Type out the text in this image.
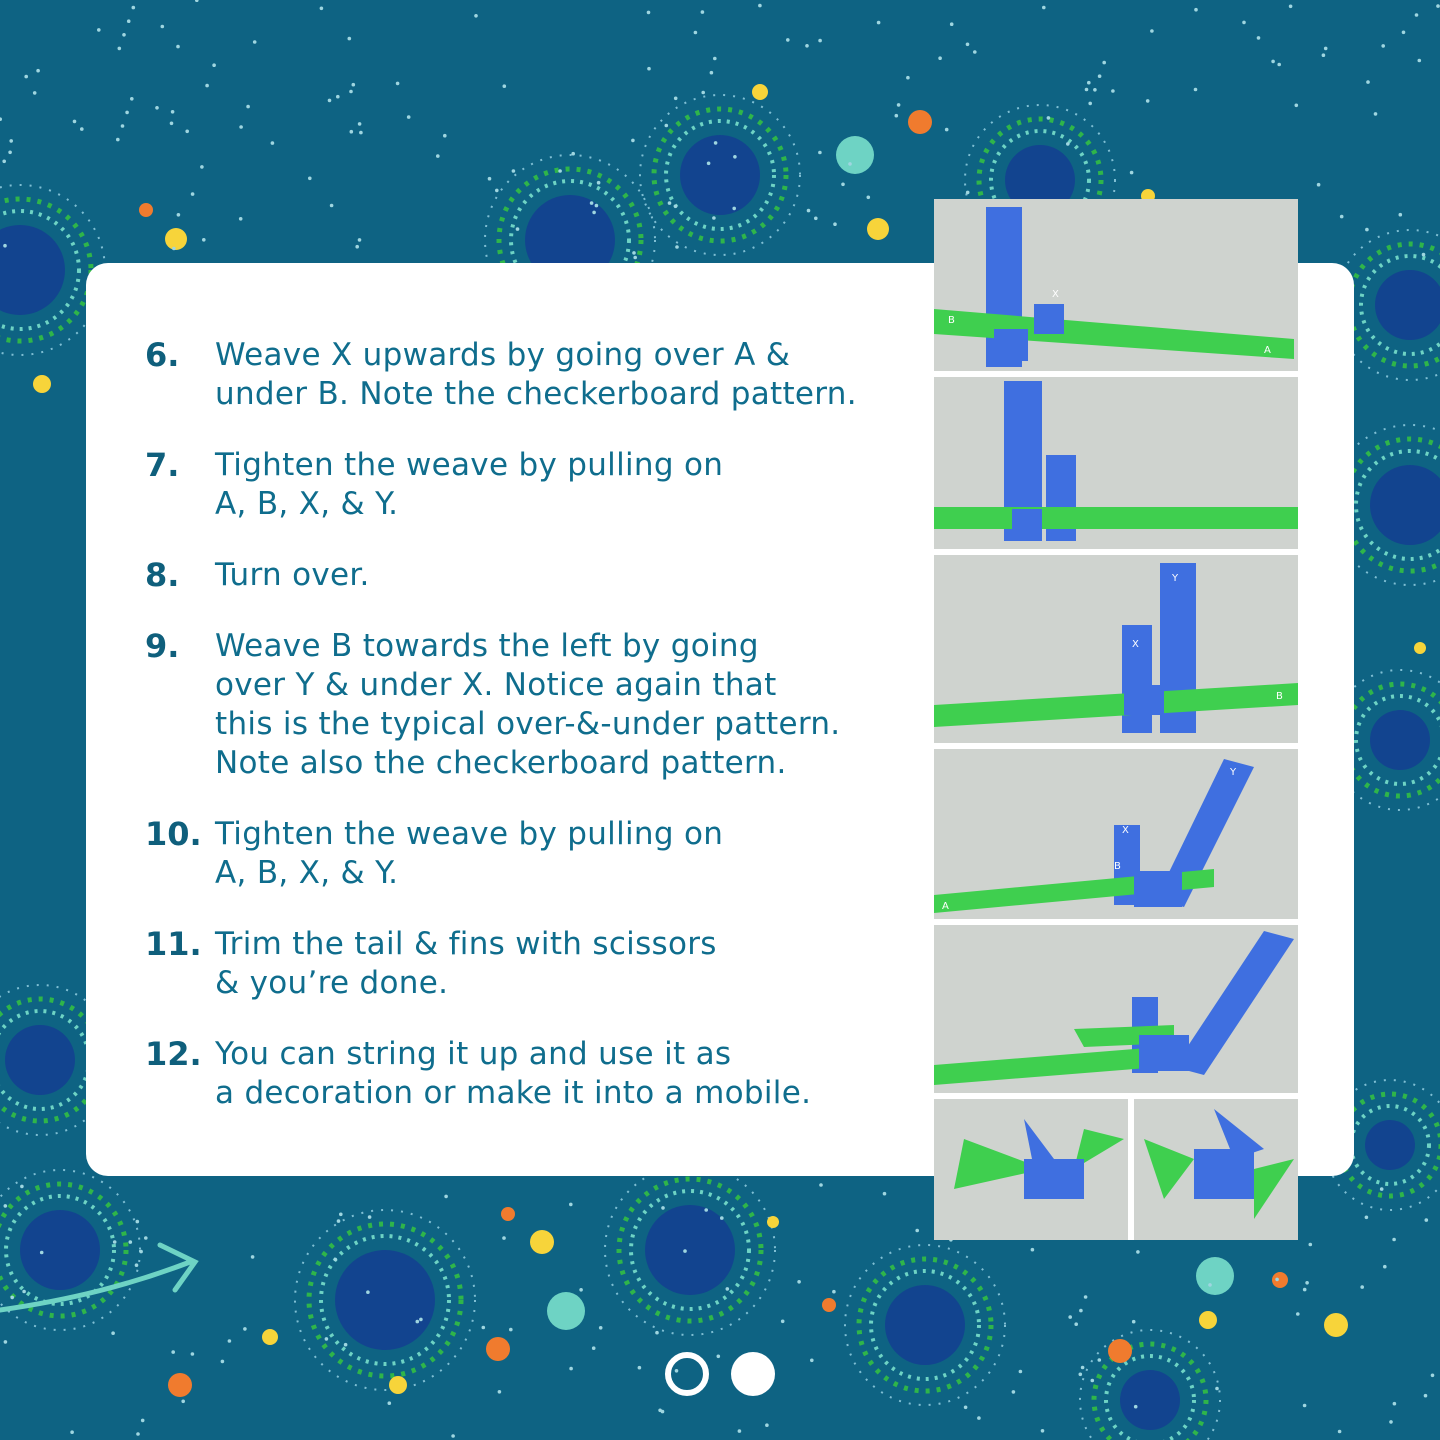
6. Weave X upwards by going over A &
under B. Note the checkerboard pattern.
7. Tighten the weave by pulling on
A, B, X, & Y.
8. Turn over.
9. Weave B towards the left by going
over Y & under X. Notice again that
this is the typical over-&-under pattern.
Note also the checkerboard pattern.
10. Tighten the weave by pulling on
A, B, X, & Y.
11. Trim the tail & fins with scissors
& you’re done.
12. You can string it up and use it as
a decoration or make it into a mobile.
B
X
A
Y
X
B
Y
X
B
A
